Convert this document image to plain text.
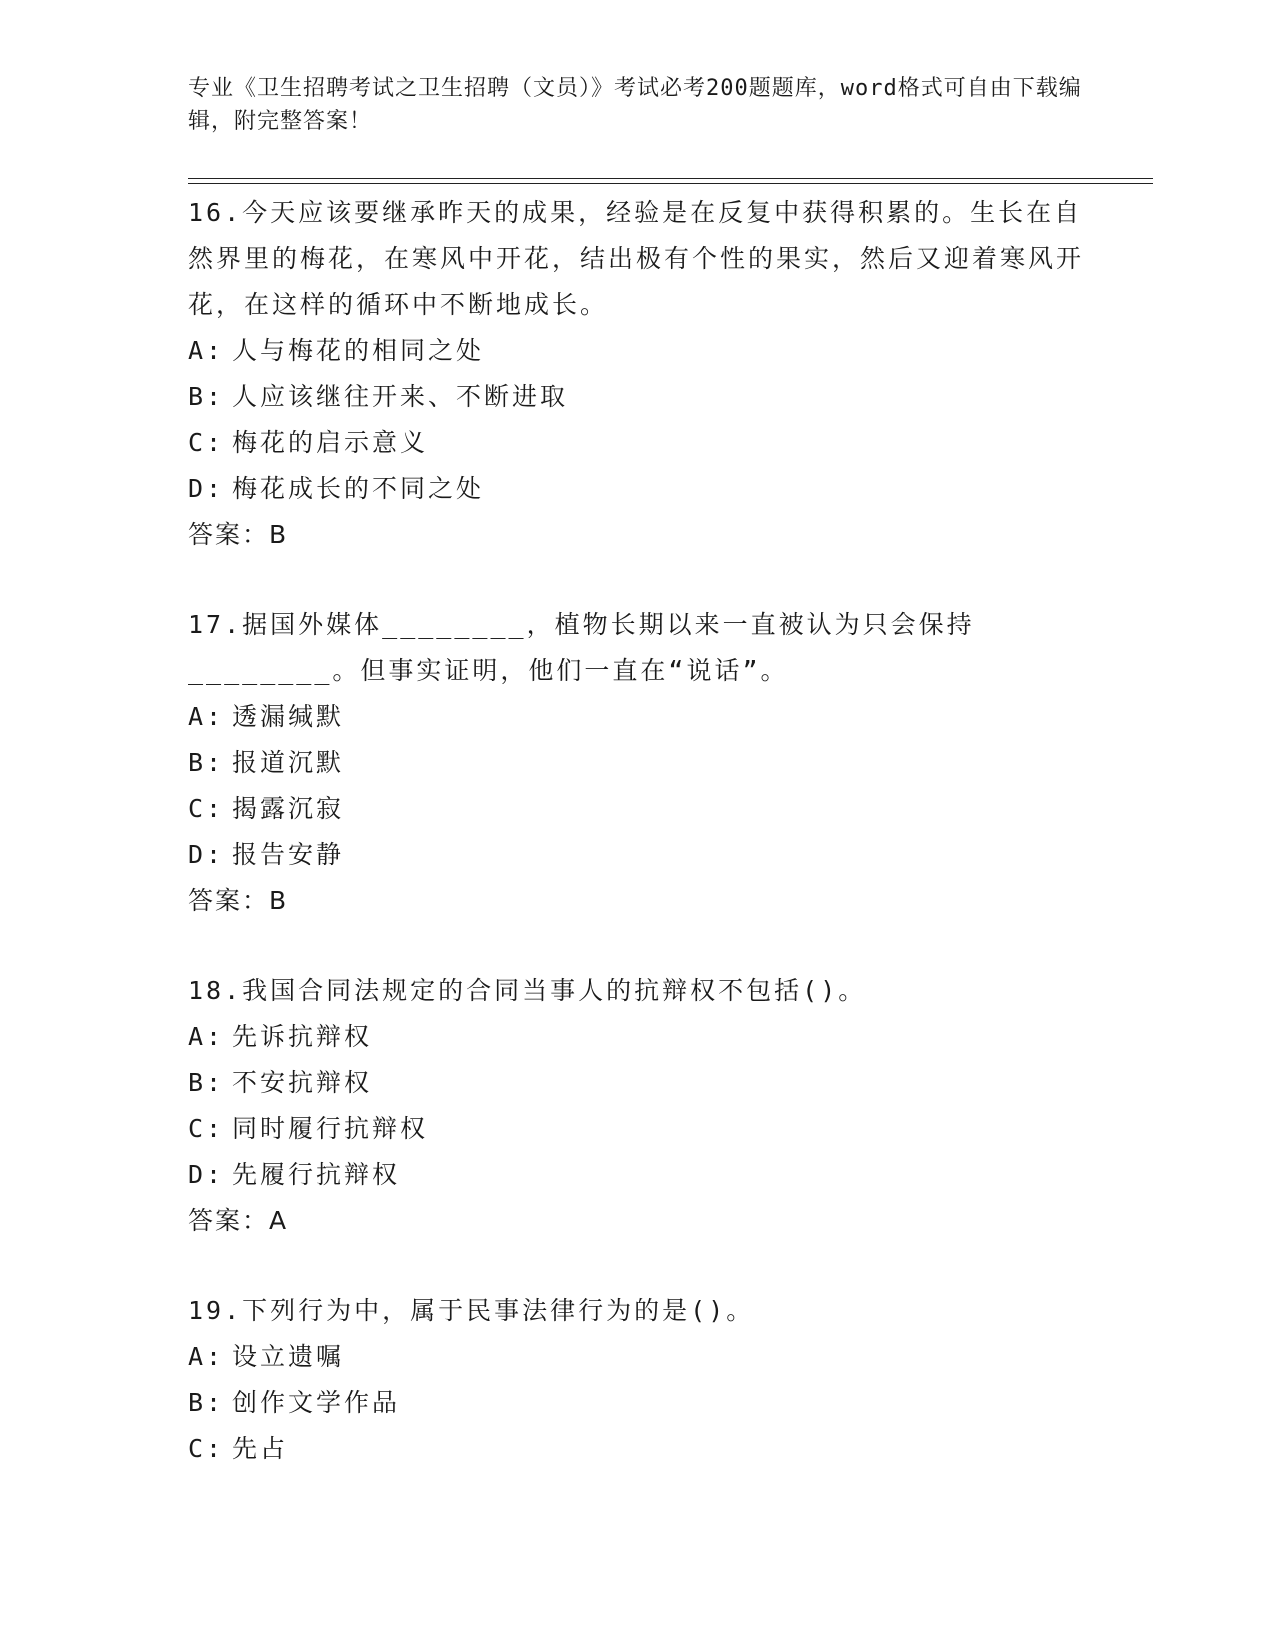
专业《卫生招聘考试之卫生招聘（文员）》考试必考200题题库，word格式可自由下载编辑，附完整答案！
16.今天应该要继承昨天的成果，经验是在反复中获得积累的。生长在自然界里的梅花，在寒风中开花，结出极有个性的果实，然后又迎着寒风开花，在这样的循环中不断地成长。
A: 人与梅花的相同之处
B: 人应该继往开来、不断进取
C: 梅花的启示意义
D: 梅花成长的不同之处
答案：B
17.据国外媒体________，植物长期以来一直被认为只会保持________。但事实证明，他们一直在“说话”。
A: 透漏缄默
B: 报道沉默
C: 揭露沉寂
D: 报告安静
答案：B
18.我国合同法规定的合同当事人的抗辩权不包括()。
A: 先诉抗辩权
B: 不安抗辩权
C: 同时履行抗辩权
D: 先履行抗辩权
答案：A
19.下列行为中，属于民事法律行为的是()。
A: 设立遗嘱
B: 创作文学作品
C: 先占
